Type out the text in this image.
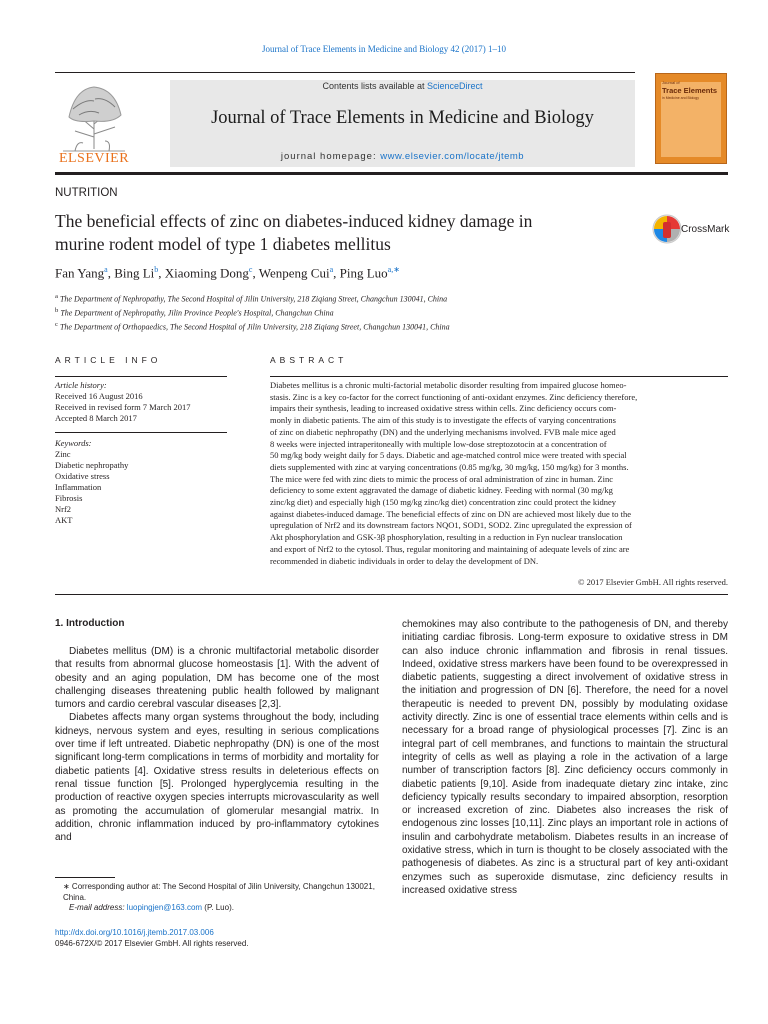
Journal of Trace Elements in Medicine and Biology 42 (2017) 1–10
Contents lists available at ScienceDirect
Journal of Trace Elements in Medicine and Biology
journal homepage: www.elsevier.com/locate/jtemb
ELSEVIER
Journal of
Trace Elements
in Medicine and Biology
NUTRITION
The beneficial effects of zinc on diabetes-induced kidney damage in
murine rodent model of type 1 diabetes mellitus
CrossMark
Fan Yang$^a$, Bing Li$^b$, Xiaoming Dong$^c$, Wenpeng Cui$^a$, Ping Luo$^{a,∗}$
$^a$ The Department of Nephropathy, The Second Hospital of Jilin University, 218 Ziqiang Street, Changchun 130041, China
$^b$ The Department of Nephropathy, Jilin Province People's Hospital, Changchun China
$^c$ The Department of Orthopaedics, The Second Hospital of Jilin University, 218 Ziqiang Street, Changchun 130041, China
ARTICLE INFO	ABSTRACT
Article history:
Received 16 August 2016
Received in revised form 7 March 2017
Accepted 8 March 2017
Keywords:
Zinc
Diabetic nephropathy
Oxidative stress
Inflammation
Fibrosis
Nrf2
AKT
Diabetes mellitus is a chronic multi-factorial metabolic disorder resulting from impaired glucose homeo-
stasis. Zinc is a key co-factor for the correct functioning of anti-oxidant enzymes. Zinc deficiency therefore,
impairs their synthesis, leading to increased oxidative stress within cells. Zinc deficiency occurs com-
monly in diabetic patients. The aim of this study is to investigate the effects of varying concentrations
of zinc on diabetic nephropathy (DN) and the underlying mechanisms involved. FVB male mice aged
8 weeks were injected intraperitoneally with multiple low-dose streptozotocin at a concentration of
50 mg/kg body weight daily for 5 days. Diabetic and age-matched control mice were treated with special
diets supplemented with zinc at varying concentrations (0.85 mg/kg, 30 mg/kg, 150 mg/kg) for 3 months.
The mice were fed with zinc diets to mimic the process of oral administration of zinc in human. Zinc
deficiency to some extent aggravated the damage of diabetic kidney. Feeding with normal (30 mg/kg
zinc/kg diet) and especially high (150 mg/kg zinc/kg diet) concentration zinc could protect the kidney
against diabetes-induced damage. The beneficial effects of zinc on DN are achieved most likely due to the
upregulation of Nrf2 and its downstream factors NQO1, SOD1, SOD2. Zinc upregulated the expression of
Akt phosphorylation and GSK-3β phosphorylation, resulting in a reduction in Fyn nuclear translocation
and export of Nrf2 to the cytosol. Thus, regular monitoring and maintaining of adequate levels of zinc are
recommended in diabetic individuals in order to delay the development of DN.
© 2017 Elsevier GmbH. All rights reserved.
1. Introduction

Diabetes mellitus (DM) is a chronic multifactorial metabolic disorder that results from abnormal glucose homeostasis [1]. With the advent of obesity and an aging population, DM has become one of the most challenging diseases threatening public health followed by malignant tumors and cardio cerebral vascular diseases [2,3].

Diabetes affects many organ systems throughout the body, including kidneys, nervous system and eyes, resulting in serious complications over time if left untreated. Diabetic nephropathy (DN) is one of the most significant long-term complications in terms of morbidity and mortality for diabetic patients [4]. Oxidative stress results in deleterious effects on renal tissue function [5]. Prolonged hyperglycemia resulting in the production of reactive oxygen species interrupts microvascularity as well as promoting the accumulation of glomerular mesangial matrix. In addition, chronic inflammation induced by pro-inflammatory cytokines and

chemokines may also contribute to the pathogenesis of DN, and thereby initiating cardiac fibrosis. Long-term exposure to oxidative stress in DM can also induce chronic inflammation and fibrosis in renal tissues. Indeed, oxidative stress markers have been found to be overexpressed in diabetic patients, suggesting a direct involvement of oxidative stress in the initiation and progression of DN [6]. Therefore, the need for a novel therapeutic is needed to prevent DN, possibly by modulating oxidase activity directly. Zinc is one of essential trace elements within cells and is necessary for a broad range of physiological processes [7]. Zinc is an integral part of cell membranes, and functions to maintain the structural integrity of cells as well as playing a role in the activation of a large number of transcription factors [8]. Zinc deficiency occurs commonly in diabetic patients [9,10]. Aside from inadequate dietary zinc intake, zinc deficiency typically results secondary to impaired absorption, resorption or increased excretion of zinc. Diabetes also increases the risk of endogenous zinc losses [10,11]. Zinc plays an important role in actions of insulin and carbohydrate metabolism. Diabetes results in an increase of oxidative stress, which in turn is thought to be closely associated with the pathogenesis of diabetes. As zinc is a structural part of key anti-oxidant enzymes such as superoxide dismutase, zinc deficiency results in increased oxidative stress

∗ Corresponding author at: The Second Hospital of Jilin University, Changchun 130021, China.
E-mail address: luopingjen@163.com (P. Luo).
http://dx.doi.org/10.1016/j.jtemb.2017.03.006
0946-672X/© 2017 Elsevier GmbH. All rights reserved.
